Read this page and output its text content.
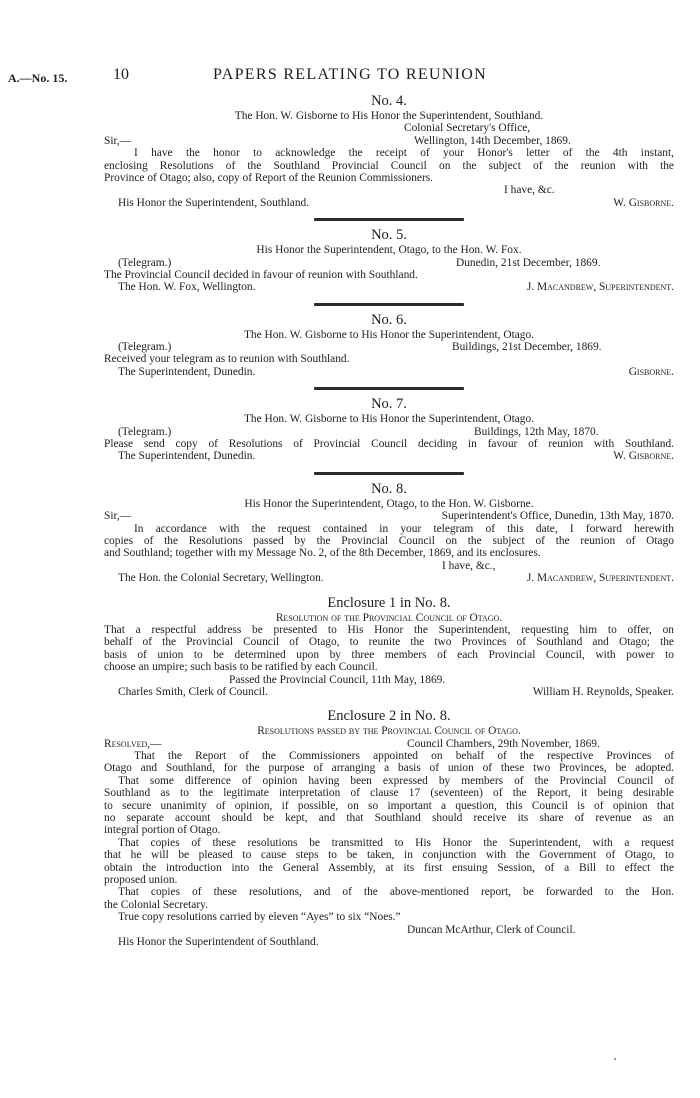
A.—No. 15.	10	PAPERS RELATING TO REUNION
No. 4.
The Hon. W. Gisborne to His Honor the Superintendent, Southland.
Colonial Secretary's Office,
Sir,—	Wellington, 14th December, 1869.
I have the honor to acknowledge the receipt of your Honor's letter of the 4th instant,
enclosing Resolutions of the Southland Provincial Council on the subject of the reunion with the
Province of Otago; also, copy of Report of the Reunion Commissioners.
I have, &c.
His Honor the Superintendent, Southland.	W. Gisborne.
No. 5.
His Honor the Superintendent, Otago, to the Hon. W. Fox.
(Telegram.)	Dunedin, 21st December, 1869.
The Provincial Council decided in favour of reunion with Southland.
The Hon. W. Fox, Wellington.	J. Macandrew, Superintendent.
No. 6.
The Hon. W. Gisborne to His Honor the Superintendent, Otago.
(Telegram.)	Buildings, 21st December, 1869.
Received your telegram as to reunion with Southland.
The Superintendent, Dunedin.	Gisborne.
No. 7.
The Hon. W. Gisborne to His Honor the Superintendent, Otago.
(Telegram.)	Buildings, 12th May, 1870.
Please send copy of Resolutions of Provincial Council deciding in favour of reunion with Southland.
The Superintendent, Dunedin.	W. Gisborne.
No. 8.
His Honor the Superintendent, Otago, to the Hon. W. Gisborne.
Sir,—	Superintendent's Office, Dunedin, 13th May, 1870.
In accordance with the request contained in your telegram of this date, I forward herewith
copies of the Resolutions passed by the Provincial Council on the subject of the reunion of Otago
and Southland; together with my Message No. 2, of the 8th December, 1869, and its enclosures.
I have, &c.,
The Hon. the Colonial Secretary, Wellington.	J. Macandrew, Superintendent.
Enclosure 1 in No. 8.
Resolution of the Provincial Council of Otago.
That a respectful address be presented to His Honor the Superintendent, requesting him to offer, on
behalf of the Provincial Council of Otago, to reunite the two Provinces of Southland and Otago; the
basis of union to be determined upon by three members of each Provincial Council, with power to
choose an umpire; such basis to be ratified by each Council.
Passed the Provincial Council, 11th May, 1869.
Charles Smith, Clerk of Council.	William H. Reynolds, Speaker.
Enclosure 2 in No. 8.
Resolutions passed by the Provincial Council of Otago.
Resolved,—	Council Chambers, 29th November, 1869.
That the Report of the Commissioners appointed on behalf of the respective Provinces of
Otago and Southland, for the purpose of arranging a basis of union of these two Provinces, be adopted.
That some difference of opinion having been expressed by members of the Provincial Council of
Southland as to the legitimate interpretation of clause 17 (seventeen) of the Report, it being desirable
to secure unanimity of opinion, if possible, on so important a question, this Council is of opinion that
no separate account should be kept, and that Southland should receive its share of revenue as an
integral portion of Otago.
That copies of these resolutions be transmitted to His Honor the Superintendent, with a request
that he will be pleased to cause steps to be taken, in conjunction with the Government of Otago, to
obtain the introduction into the General Assembly, at its first ensuing Session, of a Bill to effect the
proposed union.
That copies of these resolutions, and of the above-mentioned report, be forwarded to the Hon.
the Colonial Secretary.
True copy resolutions carried by eleven “Ayes” to six “Noes.”
Duncan McArthur, Clerk of Council.
His Honor the Superintendent of Southland.
